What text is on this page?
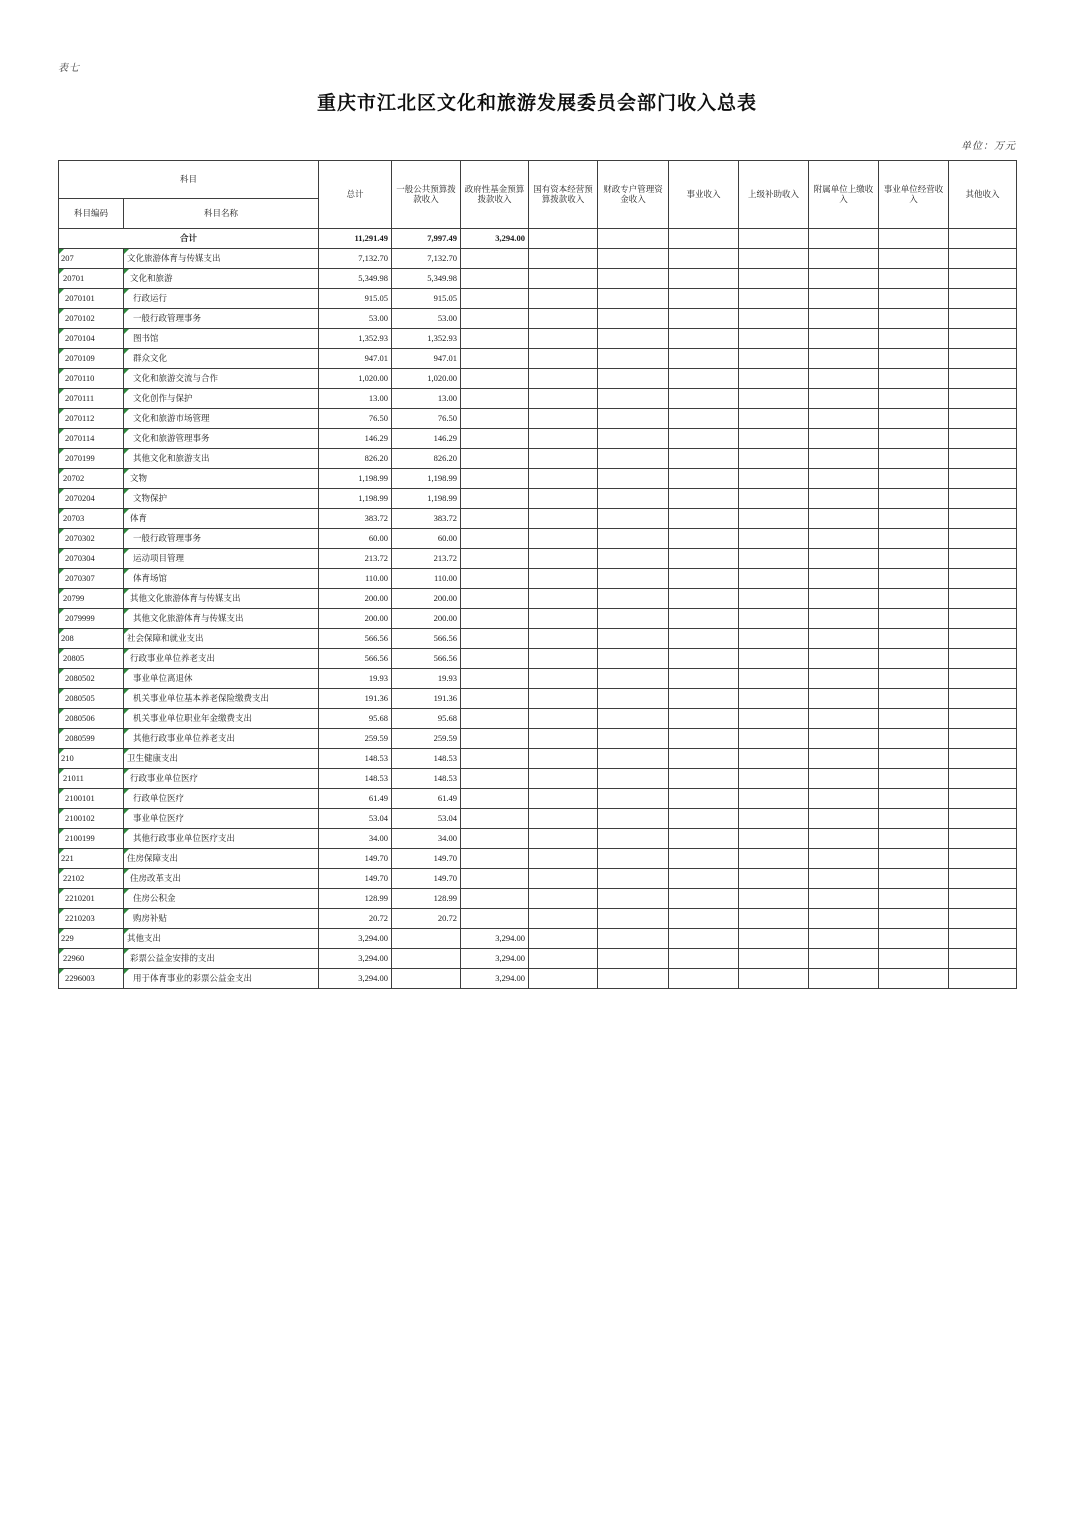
表七
重庆市江北区文化和旅游发展委员会部门收入总表
单位：万元
科目		总计	一般公共预算拨款收入	政府性基金预算拨款收入	国有资本经营预算拨款收入	财政专户管理资金收入	事业收入	上级补助收入	附属单位上缴收入	事业单位经营收入	其他收入
科目编码	科目名称										
合计		11,291.49	7,997.49	3,294.00							
207	文化旅游体育与传媒支出	7,132.70	7,132.70								
20701	文化和旅游	5,349.98	5,349.98								
2070101	行政运行	915.05	915.05								
2070102	一般行政管理事务	53.00	53.00								
2070104	图书馆	1,352.93	1,352.93								
2070109	群众文化	947.01	947.01								
2070110	文化和旅游交流与合作	1,020.00	1,020.00								
2070111	文化创作与保护	13.00	13.00								
2070112	文化和旅游市场管理	76.50	76.50								
2070114	文化和旅游管理事务	146.29	146.29								
2070199	其他文化和旅游支出	826.20	826.20								
20702	文物	1,198.99	1,198.99								
2070204	文物保护	1,198.99	1,198.99								
20703	体育	383.72	383.72								
2070302	一般行政管理事务	60.00	60.00								
2070304	运动项目管理	213.72	213.72								
2070307	体育场馆	110.00	110.00								
20799	其他文化旅游体育与传媒支出	200.00	200.00								
2079999	其他文化旅游体育与传媒支出	200.00	200.00								
208	社会保障和就业支出	566.56	566.56								
20805	行政事业单位养老支出	566.56	566.56								
2080502	事业单位离退休	19.93	19.93								
2080505	机关事业单位基本养老保险缴费支出	191.36	191.36								
2080506	机关事业单位职业年金缴费支出	95.68	95.68								
2080599	其他行政事业单位养老支出	259.59	259.59								
210	卫生健康支出	148.53	148.53								
21011	行政事业单位医疗	148.53	148.53								
2100101	行政单位医疗	61.49	61.49								
2100102	事业单位医疗	53.04	53.04								
2100199	其他行政事业单位医疗支出	34.00	34.00								
221	住房保障支出	149.70	149.70								
22102	住房改革支出	149.70	149.70								
2210201	住房公积金	128.99	128.99								
2210203	购房补贴	20.72	20.72								
229	其他支出	3,294.00		3,294.00							
22960	彩票公益金安排的支出	3,294.00		3,294.00							
2296003	用于体育事业的彩票公益金支出	3,294.00		3,294.00							
